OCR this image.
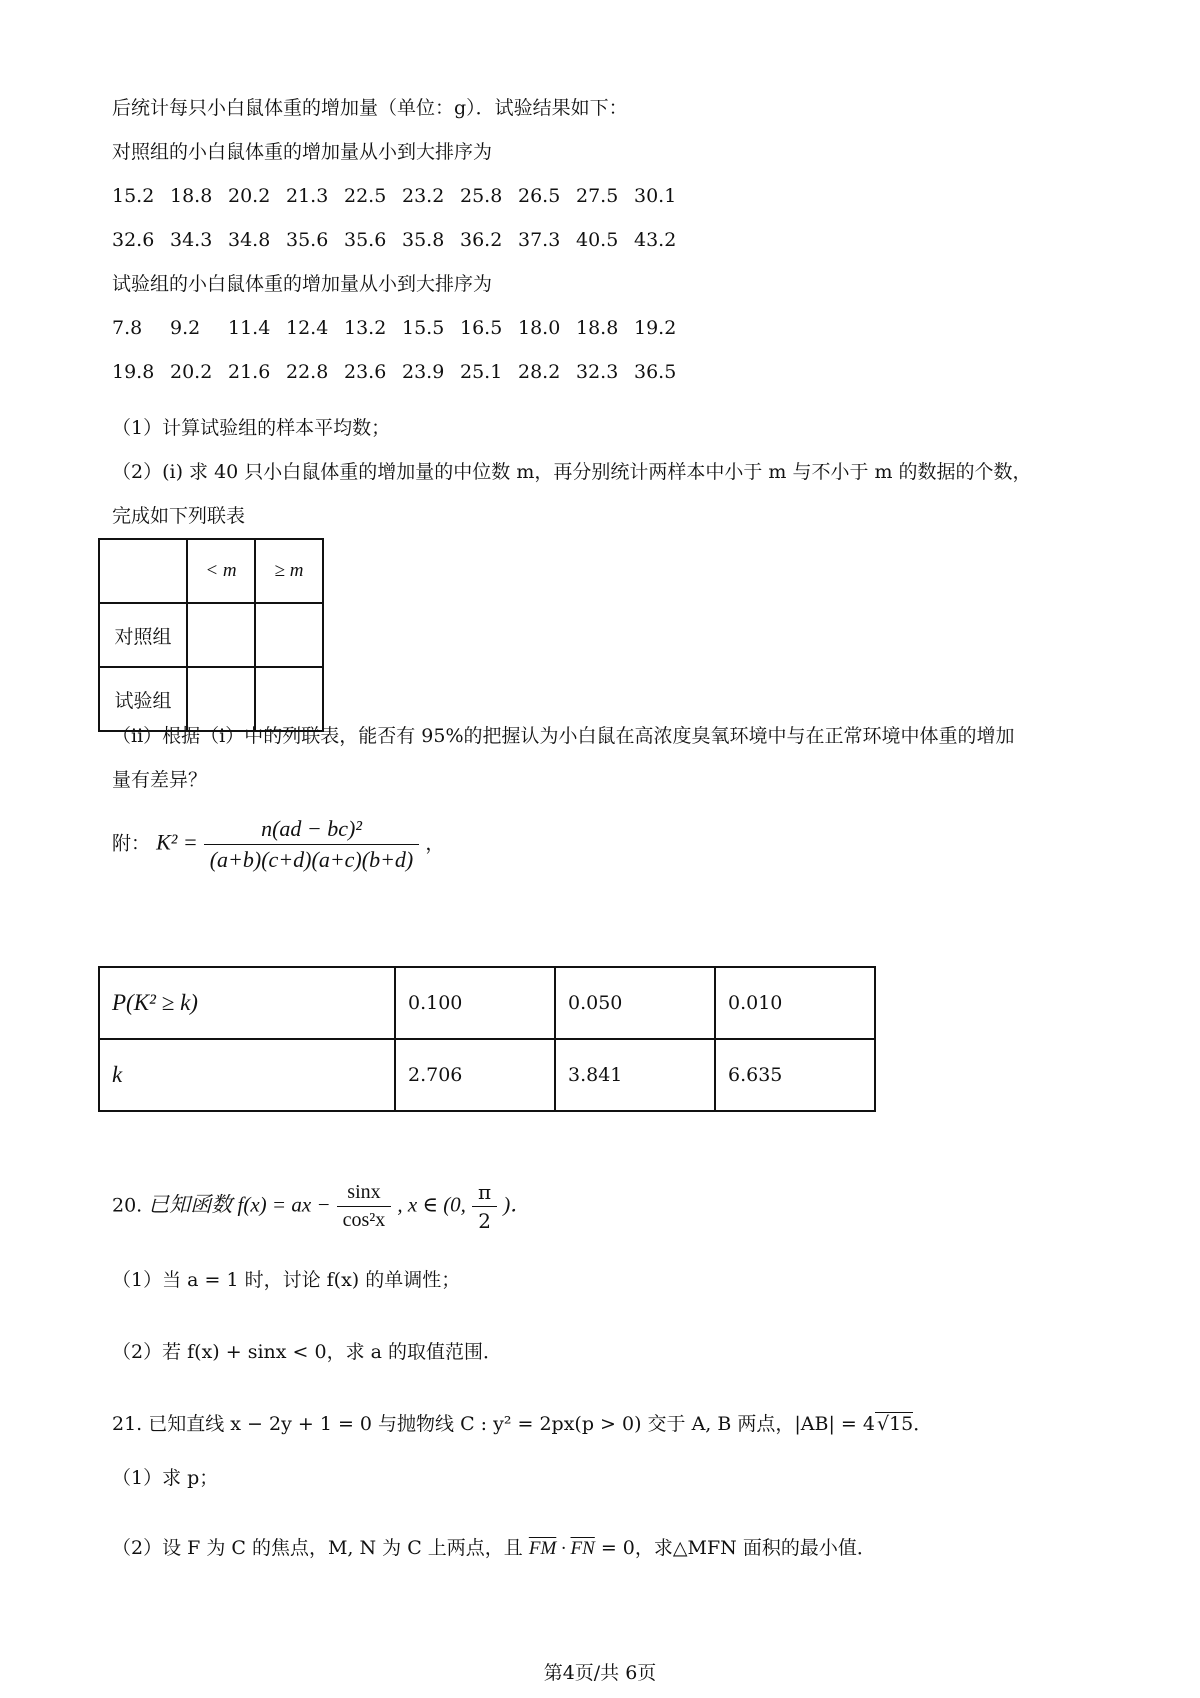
后统计每只小白鼠体重的增加量（单位：g）．试验结果如下：
对照组的小白鼠体重的增加量从小到大排序为
15.2 18.8 20.2 21.3 22.5 23.2 25.8 26.5 27.5 30.1
32.6 34.3 34.8 35.6 35.6 35.8 36.2 37.3 40.5 43.2
试验组的小白鼠体重的增加量从小到大排序为
7.8 9.2 11.4 12.4 13.2 15.5 16.5 18.0 18.8 19.2
19.8 20.2 21.6 22.8 23.6 23.9 25.1 28.2 32.3 36.5
（1）计算试验组的样本平均数；
（2）(i) 求 40 只小白鼠体重的增加量的中位数 m，再分别统计两样本中小于 m 与不小于 m 的数据的个数，
完成如下列联表
	< m	≥ m
对照组		
试验组		
（ii）根据（i）中的列联表，能否有 95%的把握认为小白鼠在高浓度臭氧环境中与在正常环境中体重的增加
量有差异？
附： $K^2 = \frac{\text{n(ad − bc)²}}{(a+b)(c+d)(a+c)(b+d)}$ ，
P(K² ≥ k)	0.100	0.050	0.010
k	2.706	3.841	6.635
20. 已知函数 f(x) = ax − $\frac{\sin x}{\text{cos²x}}$ , x ∈ (0, $\frac{\pi}{2}$ )．
（1）当 a = 1 时，讨论 f(x) 的单调性；
（2）若 f(x) + sinx < 0，求 a 的取值范围．
21. 已知直线 x − 2y + 1 = 0 与抛物线 C : y² = 2px(p > 0) 交于 A, B 两点，|AB| = 4 √15．
（1）求 p；
（2）设 F 为 C 的焦点，M, N 为 C 上两点，且 $\overline{FM} \cdot \overline{FN} = 0$，求△MFN 面积的最小值．
第4页/共 6页
